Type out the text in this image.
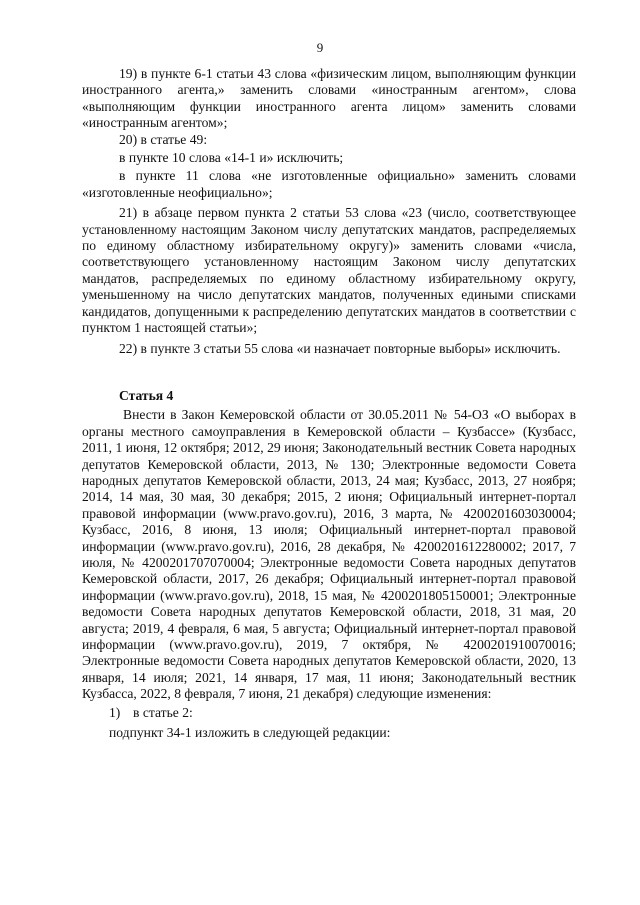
9

19) в пункте 6-1 статьи 43 слова «физическим лицом, выполняющим функции иностранного агента,» заменить словами «иностранным агентом», слова «выполняющим функции иностранного агента лицом» заменить словами «иностранным агентом»;

20) в статье 49:

в пункте 10 слова «14-1 и» исключить;

в пункте 11 слова «не изготовленные официально» заменить словами «изготовленные неофициально»;

21) в абзаце первом пункта 2 статьи 53 слова «23 (число, соответствующее установленному настоящим Законом числу депутатских мандатов, распределяемых по единому областному избирательному округу)» заменить словами «числа, соответствующего установленному настоящим Законом числу депутатских мандатов, распределяемых по единому областному избирательному округу, уменьшенному на число депутатских мандатов, полученных едиными списками кандидатов, допущенными к распределению депутатских мандатов в соответствии с пунктом 1 настоящей статьи»;

22) в пункте 3 статьи 55 слова «и назначает повторные выборы» исключить.

Статья 4

Внести в Закон Кемеровской области от 30.05.2011 № 54-ОЗ «О выборах в органы местного самоуправления в Кемеровской области – Кузбассе» (Кузбасс, 2011, 1 июня, 12 октября; 2012, 29 июня; Законодательный вестник Совета народных депутатов Кемеровской области, 2013, № 130; Электронные ведомости Совета народных депутатов Кемеровской области, 2013, 24 мая; Кузбасс, 2013, 27 ноября; 2014, 14 мая, 30 мая, 30 декабря; 2015, 2 июня; Официальный интернет-портал правовой информации (www.pravo.gov.ru), 2016, 3 марта, № 4200201603030004; Кузбасс, 2016, 8 июня, 13 июля; Официальный интернет-портал правовой информации (www.pravo.gov.ru), 2016, 28 декабря, № 4200201612280002; 2017, 7 июля, № 4200201707070004; Электронные ведомости Совета народных депутатов Кемеровской области, 2017, 26 декабря; Официальный интернет-портал правовой информации (www.pravo.gov.ru), 2018, 15 мая, № 4200201805150001; Электронные ведомости Совета народных депутатов Кемеровской области, 2018, 31 мая, 20 августа; 2019, 4 февраля, 6 мая, 5 августа; Официальный интернет-портал правовой информации (www.pravo.gov.ru), 2019, 7 октября, № 4200201910070016; Электронные ведомости Совета народных депутатов Кемеровской области, 2020, 13 января, 14 июля; 2021, 14 января, 17 мая, 11 июня; Законодательный вестник Кузбасса, 2022, 8 февраля, 7 июня, 21 декабря) следующие изменения:

1) в статье 2:
подпункт 34-1 изложить в следующей редакции:
